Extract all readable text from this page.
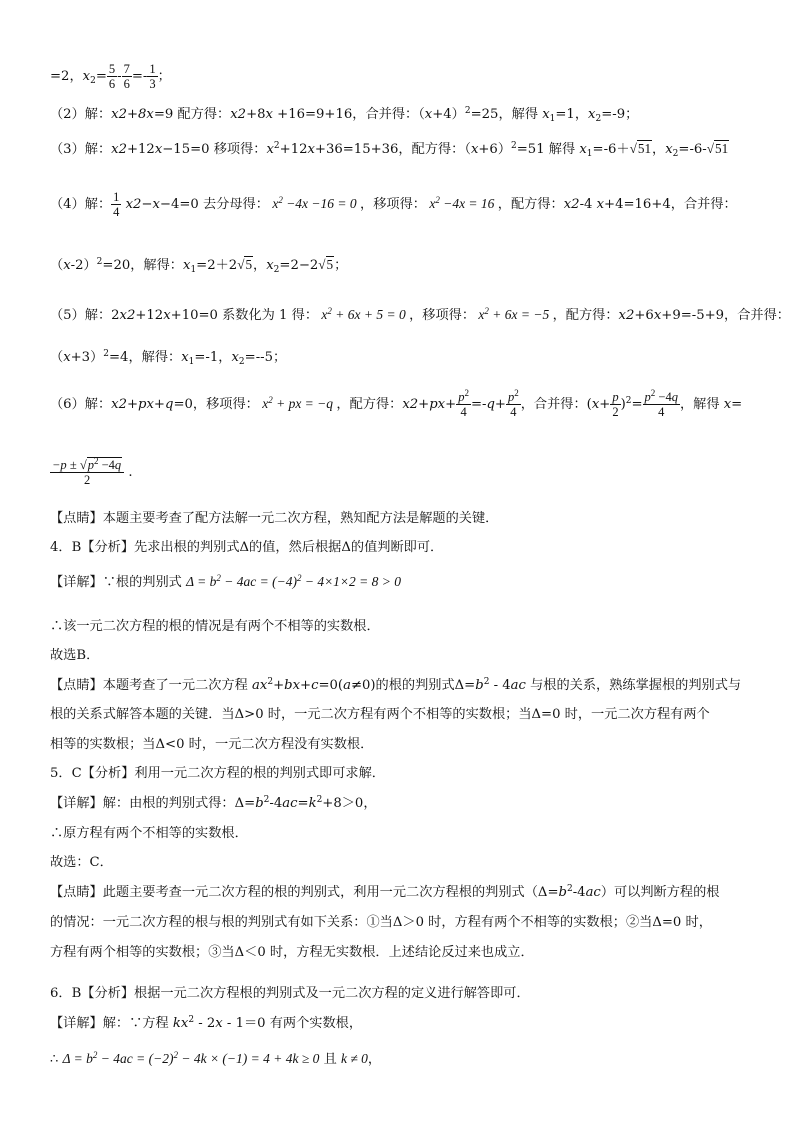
=2，$x_2= \frac{5}{6} - \frac{7}{6} =- \frac{1}{3}$ ；
（2）解：x2+8x=9 配方得：x2+8x +16=9+16，合并得：$(x+4)^2=25$，解得 $x_1=1$，$x_2=-9$；
（3）解：x2+12x−15=0 移项得：$x^2+12x+36=15+36$，配方得：$(x+6)^2=51$ 解得 $x_1=-6+√51$，$x_2=-6-√51$
（4）解： $\frac{1}{4} x2-x-4=0$ 去分母得： $x^2 -4x -16 = 0$ ，移项得： $x^2 -4x = 16$ ，配方得：x2-4 x+4=16+4，合并得：
$(x-2)^2=20$，解得：$x_1=2+2√5$，$x_2=2-2√5$；
（5）解：2x2+12x+10=0 系数化为 1 得： $x^2 + 6x + 5 = 0$ ，移项得： $x^2 + 6x = -5$ ，配方得：x2+6x+9=-5+9，合并得：
$(x+3)^2=4$，解得：$x_1=-1$，$x_2=--5$；
（6）解：x2+px+q=0，移项得： $x^2$ + px = −q ，配方得：$x2+px+ \frac{p^2}{4} =-q+ \frac{p^2}{4}$ ，合并得：$(x+ \frac{p}{2} )^2= \frac{p^2 -4q}{4}$ ，解得 x=
$\frac{-p \pm √p^2 -4q}{2}$ .
【点睛】本题主要考查了配方法解一元二次方程，熟知配方法是解题的关键．
4．B【分析】先求出根的判别式Δ的值，然后根据Δ的值判断即可．
【详解】∵根的判别式 $\Delta = b^2 - 4ac = (-4)^2 - 4\times 1\times 2 = 8 > 0$
∴该一元二次方程的根的情况是有两个不相等的实数根．
故选B．
【点睛】本题考查了一元二次方程 $ax^2+bx+c=0(a\ne 0)$的根的判别式$\Delta=b^2 - 4ac$ 与根的关系，熟练掌握根的判别式与
根的关系式解答本题的关键．当Δ>0 时，一元二次方程有两个不相等的实数根；当Δ=0 时，一元二次方程有两个
相等的实数根；当Δ<0 时，一元二次方程没有实数根．
5．C【分析】利用一元二次方程的根的判别式即可求解．
【详解】解：由根的判别式得：$\Delta=b^2-4ac=k^2+8>0$，
∴原方程有两个不相等的实数根．
故选：C．
【点睛】此题主要考查一元二次方程的根的判别式，利用一元二次方程根的判别式$(\Delta=b^2-4ac)$可以判断方程的根
的情况：一元二次方程的根与根的判别式有如下关系：①当Δ＞0 时，方程有两个不相等的实数根；②当Δ=0 时，
方程有两个相等的实数根；③当Δ＜0 时，方程无实数根．上述结论反过来也成立．
6．B【分析】根据一元二次方程根的判别式及一元二次方程的定义进行解答即可．
【详解】解：∵方程 $kx^2 - 2x - 1=0$ 有两个实数根，
∴ $\Delta = b^2 - 4ac = (-2)^2 - 4k \times (-1) = 4 + 4k \ge 0$ 且 k ≠ 0，
